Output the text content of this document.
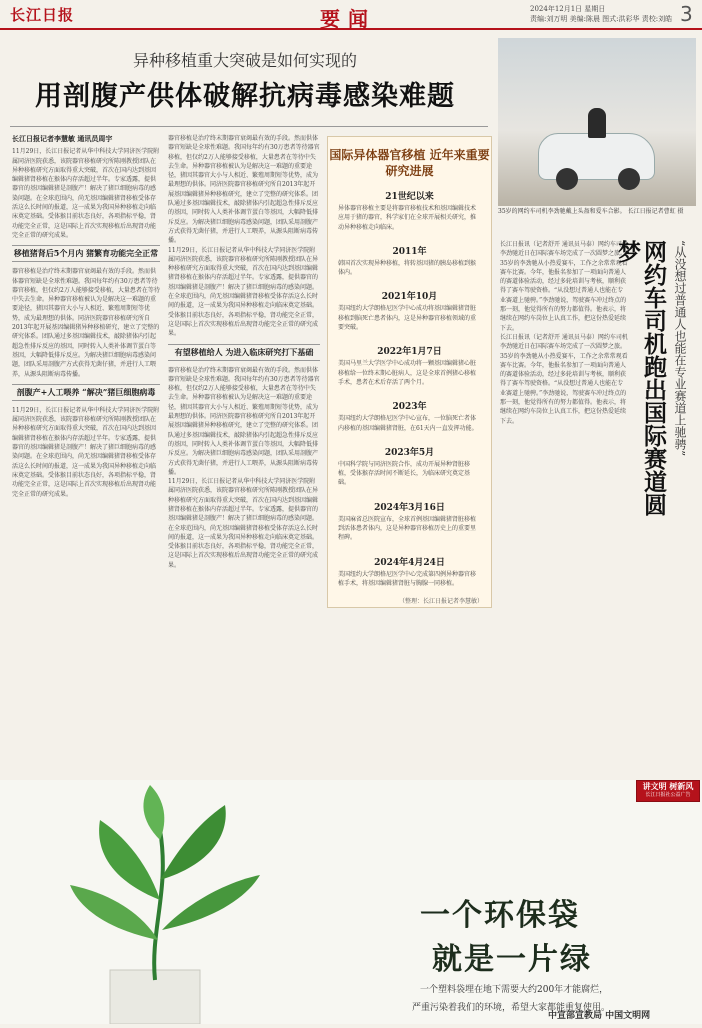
长江日报	要闻	2024年12月1日 星期日
责编:刘万明 美编:陈晨 图式:洪彩华 责校:刘皓 3
异种移植重大突破是如何实现的
用剖腹产供体破解抗病毒感染难题
长江日报记者李慧敏 通讯员周宇
11月29日，长江日报记者从华中科技大学同济医学院附属同济医院获悉，该院器官移植研究所陈刚教授团队在异种移植研究方面取得重大突破，首次在国内达到基因编辑猪肾移植在猴体内存活超过半年。专家透露，提供器官的基因编辑猪是剖腹产！解决了猪巨细胞病毒的感染问题。在全球范围内，尚无基因编辑猪肾移植受体存活这么长时间的报道，这一成果为我国异种移植走向临床奠定基础。受体猴目前状态良好，各项指标平稳，肾功能完全正常，这是国际上首次实现移植后出现肾功能完全正常的研究成果。
移植猪肾后5个月内 猪繁育功能完全正常
器官移植是治疗终末期器官衰竭最有效的手段。然而供体器官短缺是全球性难题。我国每年约有30万患者等待器官移植，但仅约2万人能够接受移植，大量患者在等待中失去生命。异种器官移植被认为是解决这一难题的重要途径，猪因其器官大小与人相近、繁殖周期短等优势，成为最理想的供体。同济医院器官移植研究所自2013年起开展基因编辑猪异种移植研究，建立了完整的研究体系。团队通过多基因编辑技术，敲除猪体内引起超急性排斥反应的基因，同时转入人类补体调节蛋白等基因，大幅降低排斥反应。为解决猪巨细胞病毒感染问题，团队采用剖腹产方式获得无菌仔猪，并进行人工喂养，从源头阻断病毒传播。
剖腹产+人工喂养 “解决”猪巨细胞病毒
11月29日，长江日报记者从华中科技大学同济医学院附属同济医院获悉，该院器官移植研究所陈刚教授团队在异种移植研究方面取得重大突破，首次在国内达到基因编辑猪肾移植在猴体内存活超过半年。专家透露，提供器官的基因编辑猪是剖腹产！解决了猪巨细胞病毒的感染问题。在全球范围内，尚无基因编辑猪肾移植受体存活这么长时间的报道，这一成果为我国异种移植走向临床奠定基础。受体猴目前状态良好，各项指标平稳，肾功能完全正常，这是国际上首次实现移植后出现肾功能完全正常的研究成果。
器官移植是治疗终末期器官衰竭最有效的手段。然而供体器官短缺是全球性难题。我国每年约有30万患者等待器官移植，但仅约2万人能够接受移植，大量患者在等待中失去生命。异种器官移植被认为是解决这一难题的重要途径，猪因其器官大小与人相近、繁殖周期短等优势，成为最理想的供体。同济医院器官移植研究所自2013年起开展基因编辑猪异种移植研究，建立了完整的研究体系。团队通过多基因编辑技术，敲除猪体内引起超急性排斥反应的基因，同时转入人类补体调节蛋白等基因，大幅降低排斥反应。为解决猪巨细胞病毒感染问题，团队采用剖腹产方式获得无菌仔猪，并进行人工喂养，从源头阻断病毒传播。
11月29日，长江日报记者从华中科技大学同济医学院附属同济医院获悉，该院器官移植研究所陈刚教授团队在异种移植研究方面取得重大突破，首次在国内达到基因编辑猪肾移植在猴体内存活超过半年。专家透露，提供器官的基因编辑猪是剖腹产！解决了猪巨细胞病毒的感染问题。在全球范围内，尚无基因编辑猪肾移植受体存活这么长时间的报道，这一成果为我国异种移植走向临床奠定基础。受体猴目前状态良好，各项指标平稳，肾功能完全正常，这是国际上首次实现移植后出现肾功能完全正常的研究成果。
有望移植给人 为进入临床研究打下基础
器官移植是治疗终末期器官衰竭最有效的手段。然而供体器官短缺是全球性难题。我国每年约有30万患者等待器官移植，但仅约2万人能够接受移植，大量患者在等待中失去生命。异种器官移植被认为是解决这一难题的重要途径，猪因其器官大小与人相近、繁殖周期短等优势，成为最理想的供体。同济医院器官移植研究所自2013年起开展基因编辑猪异种移植研究，建立了完整的研究体系。团队通过多基因编辑技术，敲除猪体内引起超急性排斥反应的基因，同时转入人类补体调节蛋白等基因，大幅降低排斥反应。为解决猪巨细胞病毒感染问题，团队采用剖腹产方式获得无菌仔猪，并进行人工喂养，从源头阻断病毒传播。
11月29日，长江日报记者从华中科技大学同济医学院附属同济医院获悉，该院器官移植研究所陈刚教授团队在异种移植研究方面取得重大突破，首次在国内达到基因编辑猪肾移植在猴体内存活超过半年。专家透露，提供器官的基因编辑猪是剖腹产！解决了猪巨细胞病毒的感染问题。在全球范围内，尚无基因编辑猪肾移植受体存活这么长时间的报道，这一成果为我国异种移植走向临床奠定基础。受体猴目前状态良好，各项指标平稳，肾功能完全正常，这是国际上首次实现移植后出现肾功能完全正常的研究成果。
国际异体器官移植 近年来重要研究进展
21世纪以来
异体器官移植主要是将器官移植技术和基因编辑技术应用于猪的器官，科学家们在全球开展相关研究，推动异种移植走向临床。
2011年
韩国首次实现异种移植，将转基因猪的胰岛移植到猴体内。
2021年10月
美国纽约大学朗格尼医学中心成功将基因编辑猪肾脏移植到脑死亡患者体内，这是异种器官移植领域的重要突破。
2022年1月7日
美国马里兰大学医学中心成功将一颗基因编辑猪心脏移植给一位终末期心脏病人，这是全球首例猪心移植手术，患者在术后存活了两个月。
2023年
美国纽约大学朗格尼医学中心宣布，一位脑死亡者体内移植的基因编辑猪肾脏，在61天内一直发挥功能。
2023年5月
中国科学院与同济医院合作，成功开展异种肾脏移植，受体猴存活时间不断延长，为临床研究奠定基础。
2024年3月16日
美国麻省总医院宣布，全球首例基因编辑猪肾脏移植到活体患者体内，这是异种器官移植历史上的重要里程碑。
2024年4月24日
美国纽约大学朗格尼医学中心完成第四例异种器官移植手术，将基因编辑猪肾脏与胸腺一同移植。
（整理：长江日报记者李慧敏）
35岁的网约车司机李劲驰戴上头盔和爱车合影。 长江日报记者曹虹 摄
长江日报讯（记者舒开 通讯员马泰）网约车司机李劲驰近日在国际赛车场完成了一次圆梦之旅。35岁的李劲驰从小热爱赛车，工作之余常常观看赛车比赛。今年，他报名参加了一项面向普通人的赛道体验活动，经过多轮培训与考核，顺利获得了赛车驾驶资格。“从没想过普通人也能在专业赛道上驰骋。”李劲驰说，驾驶赛车冲过终点的那一刻，他觉得所有的努力都值得。他表示，将继续在网约车岗位上认真工作，把这份热爱延续下去。
长江日报讯（记者舒开 通讯员马泰）网约车司机李劲驰近日在国际赛车场完成了一次圆梦之旅。35岁的李劲驰从小热爱赛车，工作之余常常观看赛车比赛。今年，他报名参加了一项面向普通人的赛道体验活动，经过多轮培训与考核，顺利获得了赛车驾驶资格。“从没想过普通人也能在专业赛道上驰骋。”李劲驰说，驾驶赛车冲过终点的那一刻，他觉得所有的努力都值得。他表示，将继续在网约车岗位上认真工作，把这份热爱延续下去。	网约车司机跑出国际赛道圆梦	“从没想过普通人也能在专业赛道上驰骋”
讲文明 树新风
长江日报社公益广告
一个环保袋
就是一片绿
一个塑料袋埋在地下需要大约200年才能腐烂，
严重污染着我们的环境，希望大家都能重复使用。
中宣部宣教局 中国文明网
